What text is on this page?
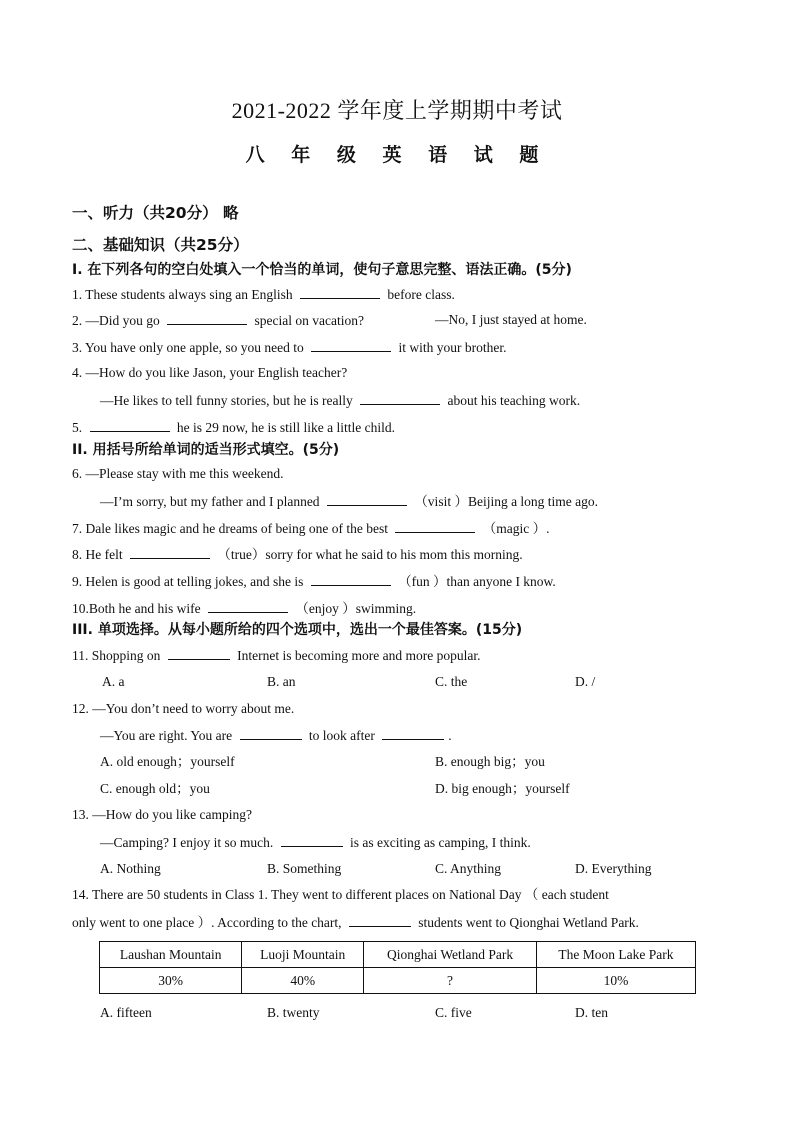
2021-2022 学年度上学期期中考试
八 年 级 英 语 试 题
一、听力（共20分） 略
二、基础知识（共25分）
I. 在下列各句的空白处填入一个恰当的单词，使句子意思完整、语法正确。(5分)
1. These students always sing an English	before class.
2. —Did you go	special on vacation?	—No, I just stayed at home.
3. You have only one apple, so you need to	it with your brother.
4. —How do you like Jason, your English teacher?
—He likes to tell funny stories, but he is really	about his teaching work.
5.	he is 29 now, he is still like a little child.
II. 用括号所给单词的适当形式填空。(5分)
6. —Please stay with me this weekend.
—I’m sorry, but my father and I planned	（visit ）Beijing a long time ago.
7. Dale likes magic and he dreams of being one of the best	（magic ）.
8. He felt	（true）sorry for what he said to his mom this morning.
9. Helen is good at telling jokes, and she is	（fun ）than anyone I know.
10.Both he and his wife	（enjoy ）swimming.
III. 单项选择。从每小题所给的四个选项中，选出一个最佳答案。(15分)
11. Shopping on	Internet is becoming more and more popular.
A. a	B. an	C. the	D. /
12. —You don’t need to worry about me.
—You are right. You are	to look after	.
A. old enough；yourself	B. enough big；you
C. enough old；you	D. big enough；yourself
13. —How do you like camping?
—Camping? I enjoy it so much.	is as exciting as camping, I think.
A. Nothing	B. Something	C. Anything	D. Everything
14. There are 50 students in Class 1. They went to different places on National Day （ each student
only went to one place ）. According to the chart,	students went to Qionghai Wetland Park.
Laushan Mountain	Luoji Mountain	Qionghai Wetland Park	The Moon Lake Park
30%	40%	?	10%
A. fifteen	B. twenty	C. five	D. ten
